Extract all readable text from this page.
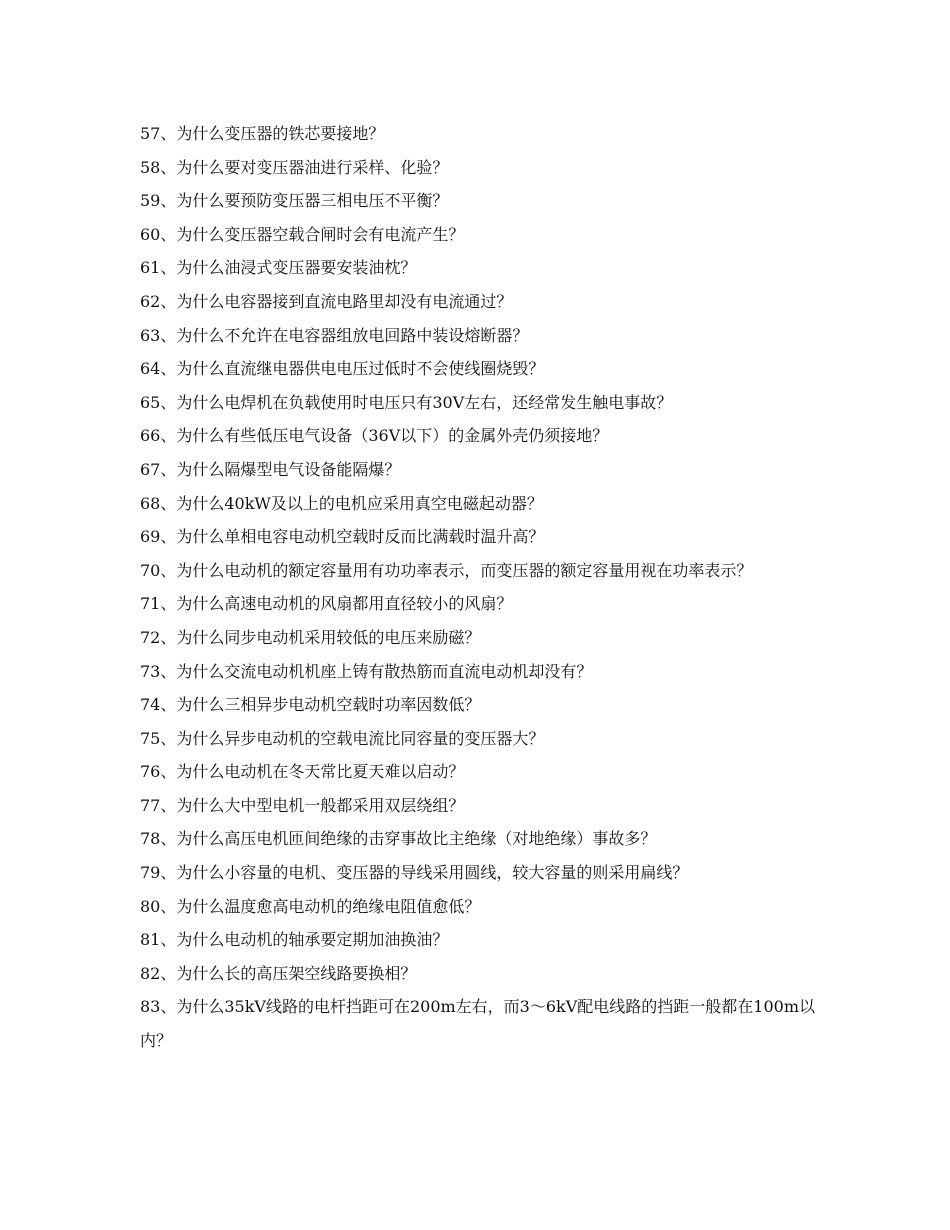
57、为什么变压器的铁芯要接地？
58、为什么要对变压器油进行采样、化验？
59、为什么要预防变压器三相电压不平衡？
60、为什么变压器空载合闸时会有电流产生？
61、为什么油浸式变压器要安装油枕？
62、为什么电容器接到直流电路里却没有电流通过？
63、为什么不允许在电容器组放电回路中装设熔断器？
64、为什么直流继电器供电电压过低时不会使线圈烧毁？
65、为什么电焊机在负载使用时电压只有30V左右，还经常发生触电事故？
66、为什么有些低压电气设备（36V以下）的金属外壳仍须接地？
67、为什么隔爆型电气设备能隔爆？
68、为什么40kW及以上的电机应采用真空电磁起动器？
69、为什么单相电容电动机空载时反而比满载时温升高？
70、为什么电动机的额定容量用有功功率表示，而变压器的额定容量用视在功率表示？
71、为什么高速电动机的风扇都用直径较小的风扇？
72、为什么同步电动机采用较低的电压来励磁？
73、为什么交流电动机机座上铸有散热筋而直流电动机却没有？
74、为什么三相异步电动机空载时功率因数低？
75、为什么异步电动机的空载电流比同容量的变压器大？
76、为什么电动机在冬天常比夏天难以启动？
77、为什么大中型电机一般都采用双层绕组？
78、为什么高压电机匝间绝缘的击穿事故比主绝缘（对地绝缘）事故多？
79、为什么小容量的电机、变压器的导线采用圆线，较大容量的则采用扁线？
80、为什么温度愈高电动机的绝缘电阻值愈低？
81、为什么电动机的轴承要定期加油换油？
82、为什么长的高压架空线路要换相？
83、为什么35kV线路的电杆挡距可在200m左右，而3～6kV配电线路的挡距一般都在100m以内？
